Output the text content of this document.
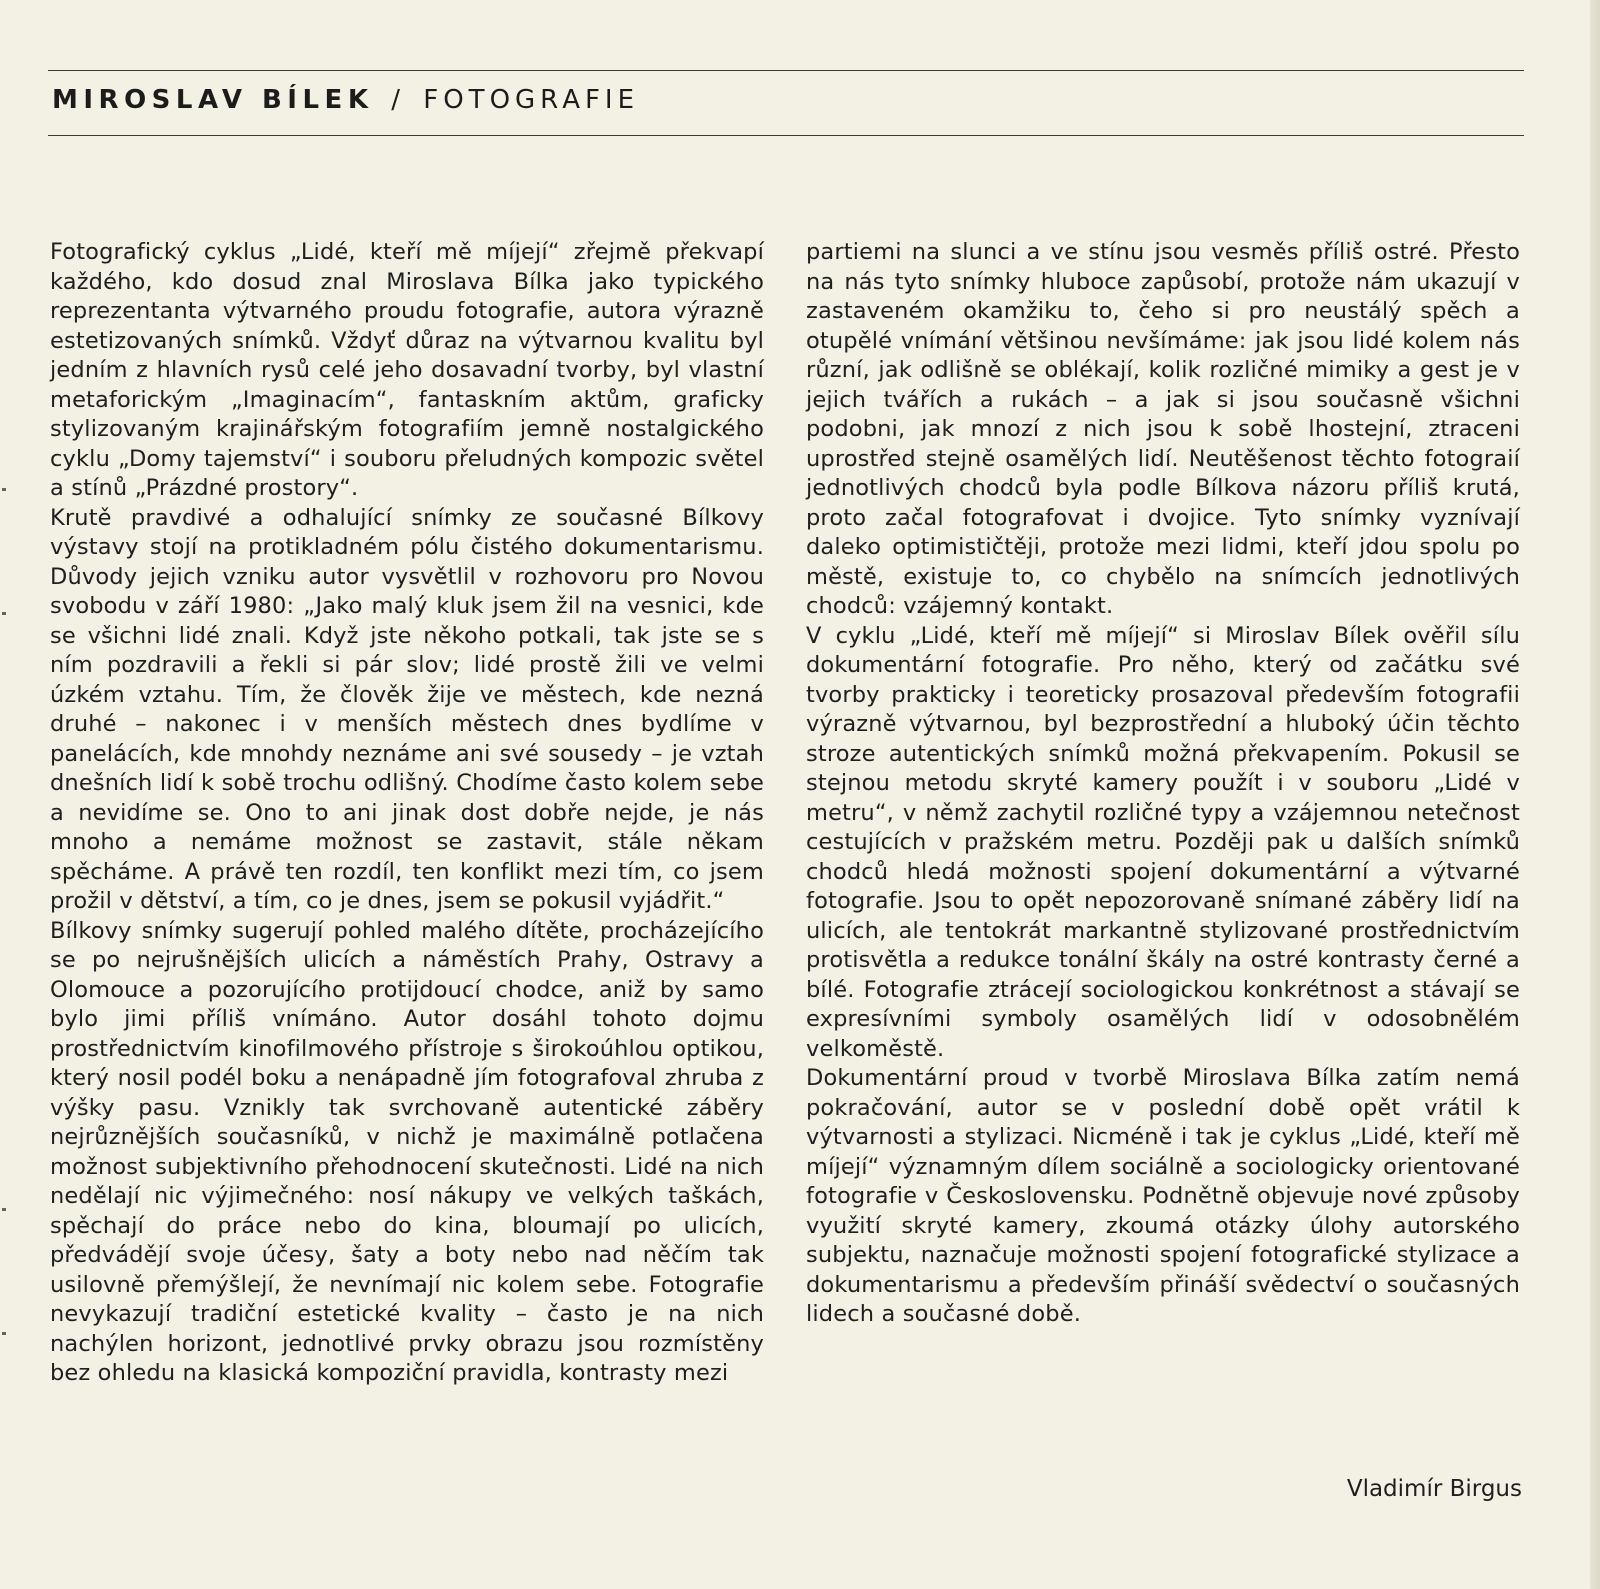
MIROSLAV BÍLEK / FOTOGRAFIE

Fotografický cyklus „Lidé, kteří mě míjejí“ zřejmě překvapí každého, kdo dosud znal Miroslava Bílka jako typického reprezentanta výtvarného proudu fotografie, autora výrazně estetizovaných snímků. Vždyť důraz na výtvarnou kvalitu byl jedním z hlavních rysů celé jeho dosavadní tvorby, byl vlastní metaforickým „Imaginacím“, fantaskním aktům, graficky stylizovaným krajinářským fotografiím jemně nostalgického cyklu „Domy tajemství“ i souboru přeludných kompozic světel a stínů „Prázdné prostory“.

Krutě pravdivé a odhalující snímky ze současné Bílkovy výstavy stojí na protikladném pólu čistého dokumentarismu. Důvody jejich vzniku autor vysvětlil v rozhovoru pro Novou svobodu v září 1980: „Jako malý kluk jsem žil na vesnici, kde se všichni lidé znali. Když jste někoho potkali, tak jste se s ním pozdravili a řekli si pár slov; lidé prostě žili ve velmi úzkém vztahu. Tím, že člověk žije ve městech, kde nezná druhé – nakonec i v menších městech dnes bydlíme v panelácích, kde mnohdy neznáme ani své sousedy – je vztah dnešních lidí k sobě trochu odlišný. Chodíme často kolem sebe a nevidíme se. Ono to ani jinak dost dobře nejde, je nás mnoho a nemáme možnost se zastavit, stále někam spěcháme. A právě ten rozdíl, ten konflikt mezi tím, co jsem prožil v dětství, a tím, co je dnes, jsem se pokusil vyjádřit.“

Bílkovy snímky sugerují pohled malého dítěte, procházejícího se po nejrušnějších ulicích a náměstích Prahy, Ostravy a Olomouce a pozorujícího protijdoucí chodce, aniž by samo bylo jimi příliš vnímáno. Autor dosáhl tohoto dojmu prostřednictvím kinofilmového přístroje s širokoúhlou optikou, který nosil podél boku a nenápadně jím fotografoval zhruba z výšky pasu. Vznikly tak svrchovaně autentické záběry nejrůznějších současníků, v nichž je maximálně potlačena možnost subjektivního přehodnocení skutečnosti. Lidé na nich nedělají nic výjimečného: nosí nákupy ve velkých taškách, spěchají do práce nebo do kina, bloumají po ulicích, předvádějí svoje účesy, šaty a boty nebo nad něčím tak usilovně přemýšlejí, že nevnímají nic kolem sebe. Fotografie nevykazují tradiční estetické kvality – často je na nich nachýlen horizont, jednotlivé prvky obrazu jsou rozmístěny bez ohledu na klasická kompoziční pravidla, kontrasty mezi

partiemi na slunci a ve stínu jsou vesměs příliš ostré. Přesto na nás tyto snímky hluboce zapůsobí, protože nám ukazují v zastaveném okamžiku to, čeho si pro neustálý spěch a otupělé vnímání většinou nevšímáme: jak jsou lidé kolem nás různí, jak odlišně se oblékají, kolik rozličné mimiky a gest je v jejich tvářích a rukách – a jak si jsou současně všichni podobni, jak mnozí z nich jsou k sobě lhostejní, ztraceni uprostřed stejně osamělých lidí. Neutěšenost těchto fotograií jednotlivých chodců byla podle Bílkova názoru příliš krutá, proto začal fotografovat i dvojice. Tyto snímky vyznívají daleko optimističtěji, protože mezi lidmi, kteří jdou spolu po městě, existuje to, co chybělo na snímcích jednotlivých chodců: vzájemný kontakt.

V cyklu „Lidé, kteří mě míjejí“ si Miroslav Bílek ověřil sílu dokumentární fotografie. Pro něho, který od začátku své tvorby prakticky i teoreticky prosazoval především fotografii výrazně výtvarnou, byl bezprostřední a hluboký účin těchto stroze autentických snímků možná překvapením. Pokusil se stejnou metodu skryté kamery použít i v souboru „Lidé v metru“, v němž zachytil rozličné typy a vzájemnou netečnost cestujících v pražském metru. Později pak u dalších snímků chodců hledá možnosti spojení dokumentární a výtvarné fotografie. Jsou to opět nepozorovaně snímané záběry lidí na ulicích, ale tentokrát markantně stylizované prostřednictvím protisvětla a redukce tonální škály na ostré kontrasty černé a bílé. Fotografie ztrácejí sociologickou konkrétnost a stávají se expresívními symboly osamělých lidí v odosobnělém velkoměstě.

Dokumentární proud v tvorbě Miroslava Bílka zatím nemá pokračování, autor se v poslední době opět vrátil k výtvarnosti a stylizaci. Nicméně i tak je cyklus „Lidé, kteří mě míjejí“ významným dílem sociálně a sociologicky orientované fotografie v Československu. Podnětně objevuje nové způsoby využití skryté kamery, zkoumá otázky úlohy autorského subjektu, naznačuje možnosti spojení fotografické stylizace a dokumentarismu a především přináší svědectví o současných lidech a současné době.

Vladimír Birgus
